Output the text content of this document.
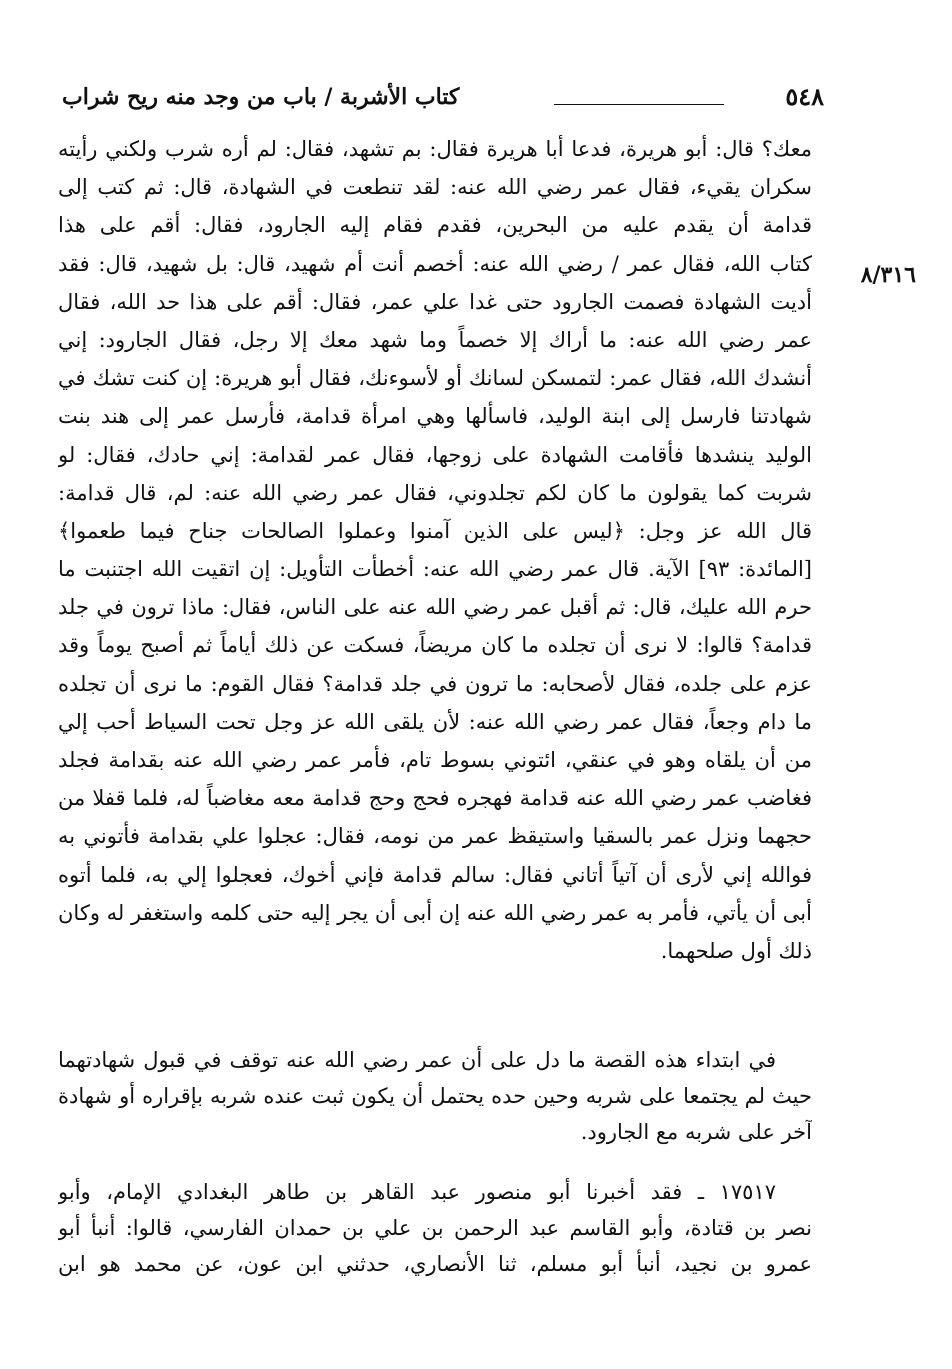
٥٤٨
كتاب الأشربة / باب من وجد منه ريح شراب
٨/٣١٦
معك؟ قال: أبو هريرة، فدعا أبا هريرة فقال: بم تشهد، فقال: لم أره شرب ولكني رأيته
سكران يقيء، فقال عمر رضي الله عنه: لقد تنطعت في الشهادة، قال: ثم كتب إلى
قدامة أن يقدم عليه من البحرين، فقدم فقام إليه الجارود، فقال: أقم على هذا
كتاب الله، فقال عمر / رضي الله عنه: أخصم أنت أم شهيد، قال: بل شهيد، قال: فقد
أديت الشهادة فصمت الجارود حتى غدا علي عمر، فقال: أقم على هذا حد الله، فقال
عمر رضي الله عنه: ما أراك إلا خصماً وما شهد معك إلا رجل، فقال الجارود: إني
أنشدك الله، فقال عمر: لتمسكن لسانك أو لأسوءنك، فقال أبو هريرة: إن كنت تشك في
شهادتنا فارسل إلى ابنة الوليد، فاسألها وهي امرأة قدامة، فأرسل عمر إلى هند بنت
الوليد ينشدها فأقامت الشهادة على زوجها، فقال عمر لقدامة: إني حادك، فقال: لو
شربت كما يقولون ما كان لكم تجلدوني، فقال عمر رضي الله عنه: لم، قال قدامة:
قال الله عز وجل: ﴿ليس على الذين آمنوا وعملوا الصالحات جناح فيما طعموا﴾
[المائدة: ٩٣] الآية. قال عمر رضي الله عنه: أخطأت التأويل: إن اتقيت الله اجتنبت ما
حرم الله عليك، قال: ثم أقبل عمر رضي الله عنه على الناس، فقال: ماذا ترون في جلد
قدامة؟ قالوا: لا نرى أن تجلده ما كان مريضاً، فسكت عن ذلك أياماً ثم أصبح يوماً وقد
عزم على جلده، فقال لأصحابه: ما ترون في جلد قدامة؟ فقال القوم: ما نرى أن تجلده
ما دام وجعاً، فقال عمر رضي الله عنه: لأن يلقى الله عز وجل تحت السياط أحب إلي
من أن يلقاه وهو في عنقي، ائتوني بسوط تام، فأمر عمر رضي الله عنه بقدامة فجلد
فغاضب عمر رضي الله عنه قدامة فهجره فحج وحج قدامة معه مغاضباً له، فلما قفلا من
حجهما ونزل عمر بالسقيا واستيقظ عمر من نومه، فقال: عجلوا علي بقدامة فأتوني به
فوالله إني لأرى أن آتياً أتاني فقال: سالم قدامة فإني أخوك، فعجلوا إلي به، فلما أتوه
أبى أن يأتي، فأمر به عمر رضي الله عنه إن أبى أن يجر إليه حتى كلمه واستغفر له وكان
ذلك أول صلحهما.
في ابتداء هذه القصة ما دل على أن عمر رضي الله عنه توقف في قبول شهادتهما
حيث لم يجتمعا على شربه وحين حده يحتمل أن يكون ثبت عنده شربه بإقراره أو شهادة
آخر على شربه مع الجارود.
١٧٥١٧ ـ فقد أخبرنا أبو منصور عبد القاهر بن طاهر البغدادي الإمام، وأبو
نصر بن قتادة، وأبو القاسم عبد الرحمن بن علي بن حمدان الفارسي، قالوا: أنبأ أبو
عمرو بن نجيد، أنبأ أبو مسلم، ثنا الأنصاري، حدثني ابن عون، عن محمد هو ابن
